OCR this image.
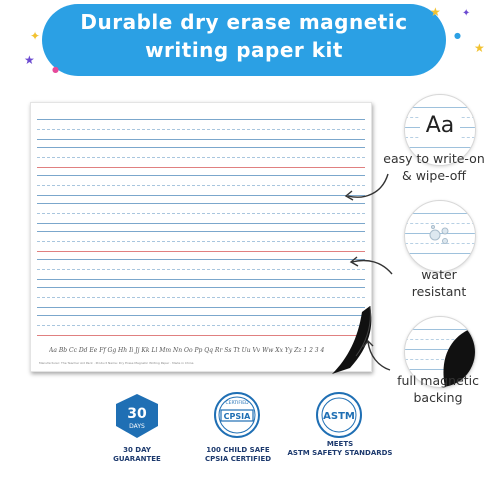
Durable dry erase magnetic
writing paper kit
✦
★
●
★ ✦
●
★
Aa Bb Cc Dd Ee Ff Gg Hh Ii Jj Kk Ll Mm Nn Oo Pp Qq Rr Ss Tt Uu Vv Ww Xx Yy Zz 1 2 3 4
Manufacturer: The Teacher Aid Pack · Product Name: Dry Erase Magnetic Writing Paper · Made in China
Aa
easy to write-on
& wipe-off
water
resistant
full magnetic
backing
30
DAYS
30 DAY
GUARANTEE
CERTIFIED
CPSIA
100 CHILD SAFE
CPSIA CERTIFIED
ASTM
MEETS
ASTM SAFETY STANDARDS
